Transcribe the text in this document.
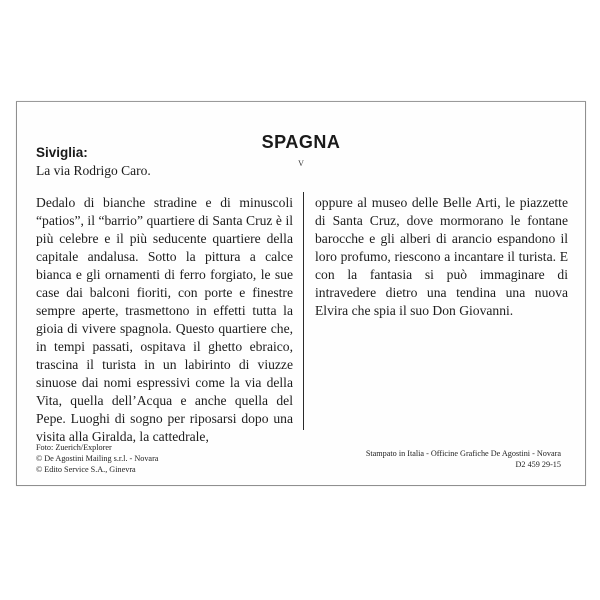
SPAGNA
V
Siviglia:
La via Rodrigo Caro.
Dedalo di bianche stradine e di minuscoli “patios”, il “barrio” quartiere di Santa Cruz è il più celebre e il più seducente quartiere della capitale andalusa. Sotto la pittura a calce bianca e gli ornamenti di ferro forgiato, le sue case dai balconi fioriti, con porte e finestre sempre aperte, trasmettono in effetti tutta la gioia di vivere spagnola. Questo quartiere che, in tempi passati, ospitava il ghetto ebraico, trascina il turista in un labirinto di viuzze sinuose dai nomi espressivi come la via della Vita, quella dell’Acqua e anche quella del Pepe. Luoghi di sogno per riposarsi dopo una visita alla Giralda, la cattedrale,
oppure al museo delle Belle Arti, le piazzette di Santa Cruz, dove mormorano le fontane barocche e gli alberi di arancio espandono il loro profumo, riescono a incantare il turista. E con la fantasia si può immaginare di intravedere dietro una tendina una nuova Elvira che spia il suo Don Giovanni.
Foto: Zuerich/Explorer
© De Agostini Mailing s.r.l. - Novara
© Edito Service S.A., Ginevra
Stampato in Italia - Officine Grafiche De Agostini - Novara
D2 459 29-15
